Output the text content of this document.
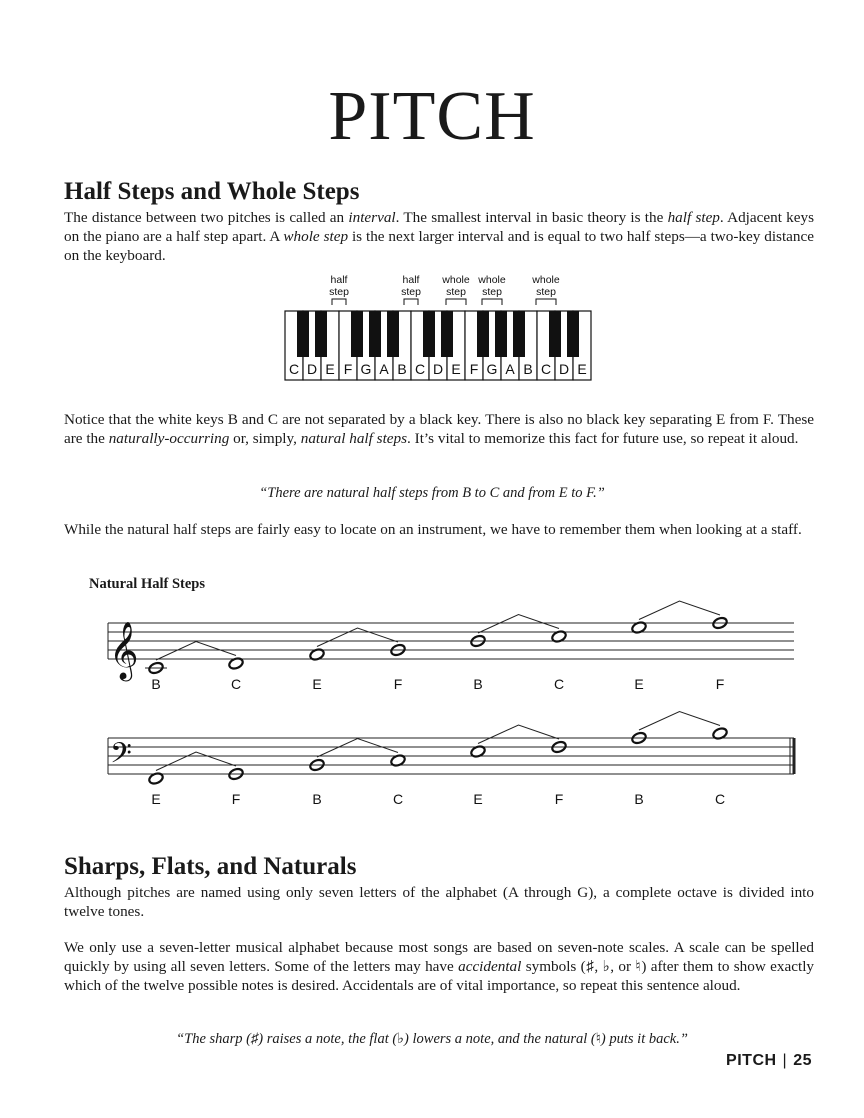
PITCH
Half Steps and Whole Steps

The distance between two pitches is called an interval. The smallest interval in basic theory is the half step. Adjacent keys on the piano are a half step apart. A whole step is the next larger interval and is equal to two half steps—a two-key distance on the keyboard.

C D E F G A B C D E F G A B C D E
half
step
half
step
whole
step
whole
step
whole
step

Notice that the white keys B and C are not separated by a black key. There is also no black key separating E from F. These are the naturally-occurring or, simply, natural half steps. It’s vital to memorize this fact for future use, so repeat it aloud.

“There are natural half steps from B to C and from E to F.”

While the natural half steps are fairly easy to locate on an instrument, we have to remember them when looking at a staff.

Natural Half Steps

𝄞
B	C	E	F	B	C	E	F
𝄢
E	F	B	C	E	F	B	C
Sharps, Flats, and Naturals

Although pitches are named using only seven letters of the alphabet (A through G), a complete octave is divided into twelve tones.

We only use a seven-letter musical alphabet because most songs are based on seven-note scales. A scale can be spelled quickly by using all seven letters. Some of the letters may have accidental symbols (♯, ♭, or ♮) after them to show exactly which of the twelve possible notes is desired. Accidentals are of vital importance, so repeat this sentence aloud.

“The sharp (♯) raises a note, the flat (♭) lowers a note, and the natural (♮) puts it back.”

PITCH | 25
